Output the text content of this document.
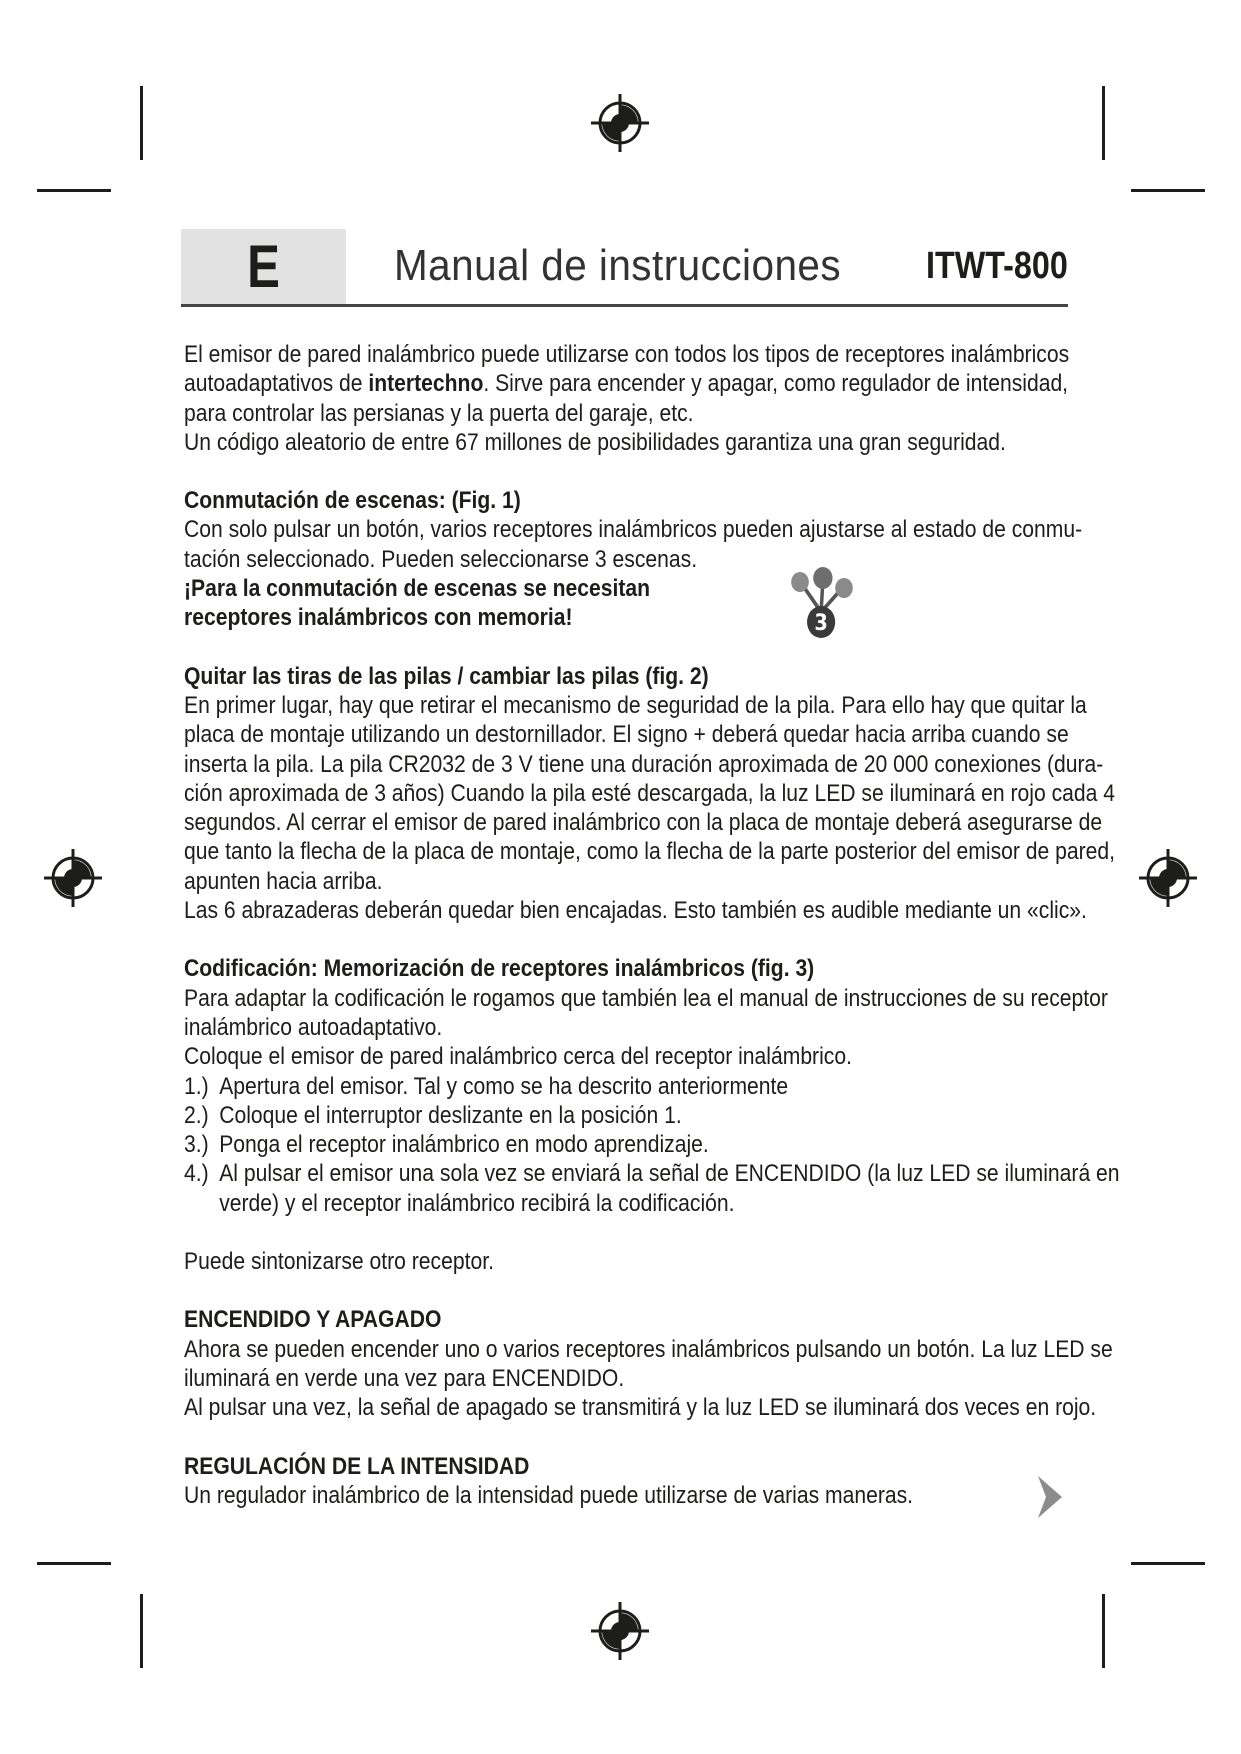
E	Manual de instrucciones ITWT-800

El emisor de pared inalámbrico puede utilizarse con todos los tipos de receptores inalámbricos

autoadaptativos de intertechno. Sirve para encender y apagar, como regulador de intensidad,

para controlar las persianas y la puerta del garaje, etc.

Un código aleatorio de entre 67 millones de posibilidades garantiza una gran seguridad.

Conmutación de escenas: (Fig. 1)

Con solo pulsar un botón, varios receptores inalámbricos pueden ajustarse al estado de conmu-

tación seleccionado. Pueden seleccionarse 3 escenas.

¡Para la conmutación de escenas se necesitan

receptores inalámbricos con memoria!	3

Quitar las tiras de las pilas / cambiar las pilas (fig. 2)

En primer lugar, hay que retirar el mecanismo de seguridad de la pila. Para ello hay que quitar la

placa de montaje utilizando un destornillador. El signo + deberá quedar hacia arriba cuando se

inserta la pila. La pila CR2032 de 3 V tiene una duración aproximada de 20 000 conexiones (dura-

ción aproximada de 3 años) Cuando la pila esté descargada, la luz LED se iluminará en rojo cada 4

segundos. Al cerrar el emisor de pared inalámbrico con la placa de montaje deberá asegurarse de

que tanto la flecha de la placa de montaje, como la flecha de la parte posterior del emisor de pared,

apunten hacia arriba.

Las 6 abrazaderas deberán quedar bien encajadas. Esto también es audible mediante un «clic».

Codificación: Memorización de receptores inalámbricos (fig. 3)

Para adaptar la codificación le rogamos que también lea el manual de instrucciones de su receptor

inalámbrico autoadaptativo.

Coloque el emisor de pared inalámbrico cerca del receptor inalámbrico.

1.) Apertura del emisor. Tal y como se ha descrito anteriormente
2.) Coloque el interruptor deslizante en la posición 1.
3.) Ponga el receptor inalámbrico en modo aprendizaje.
4.) Al pulsar el emisor una sola vez se enviará la señal de ENCENDIDO (la luz LED se iluminará en
verde) y el receptor inalámbrico recibirá la codificación.

Puede sintonizarse otro receptor.

ENCENDIDO Y APAGADO

Ahora se pueden encender uno o varios receptores inalámbricos pulsando un botón. La luz LED se

iluminará en verde una vez para ENCENDIDO.

Al pulsar una vez, la señal de apagado se transmitirá y la luz LED se iluminará dos veces en rojo.

REGULACIÓN DE LA INTENSIDAD

Un regulador inalámbrico de la intensidad puede utilizarse de varias maneras.
